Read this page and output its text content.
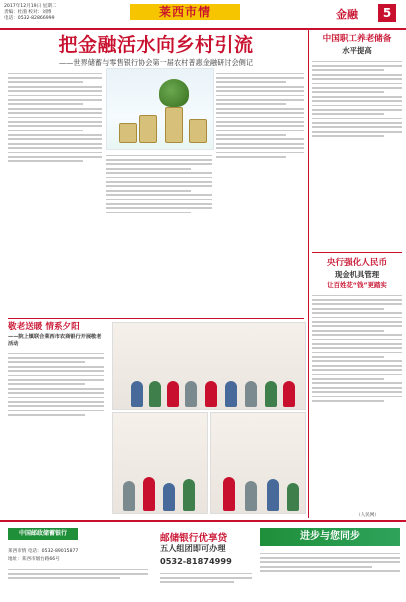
2017年12月19日 星期二
责编：杜鹃 校对：刘博
电话：0532-82866999	莱西市情	金融	5
把金融活水向乡村引流
——世界储蓄与零售银行协会第一届农村普惠金融研讨会侧记
中国职工养老储备
水平提高
央行强化人民币
现金机具管理
让百姓花“钱”更踏实
（人民网）
敬老送暖 情系夕阳
——院上镇联合莱西市农商银行开展敬老活动
中国邮政储蓄银行	邮储银行优享贷
五人组团即可办理
0532-81874999
进步与您同步
莱西市情 电话：0532-89015877
地址：莱西市烟台路66号
